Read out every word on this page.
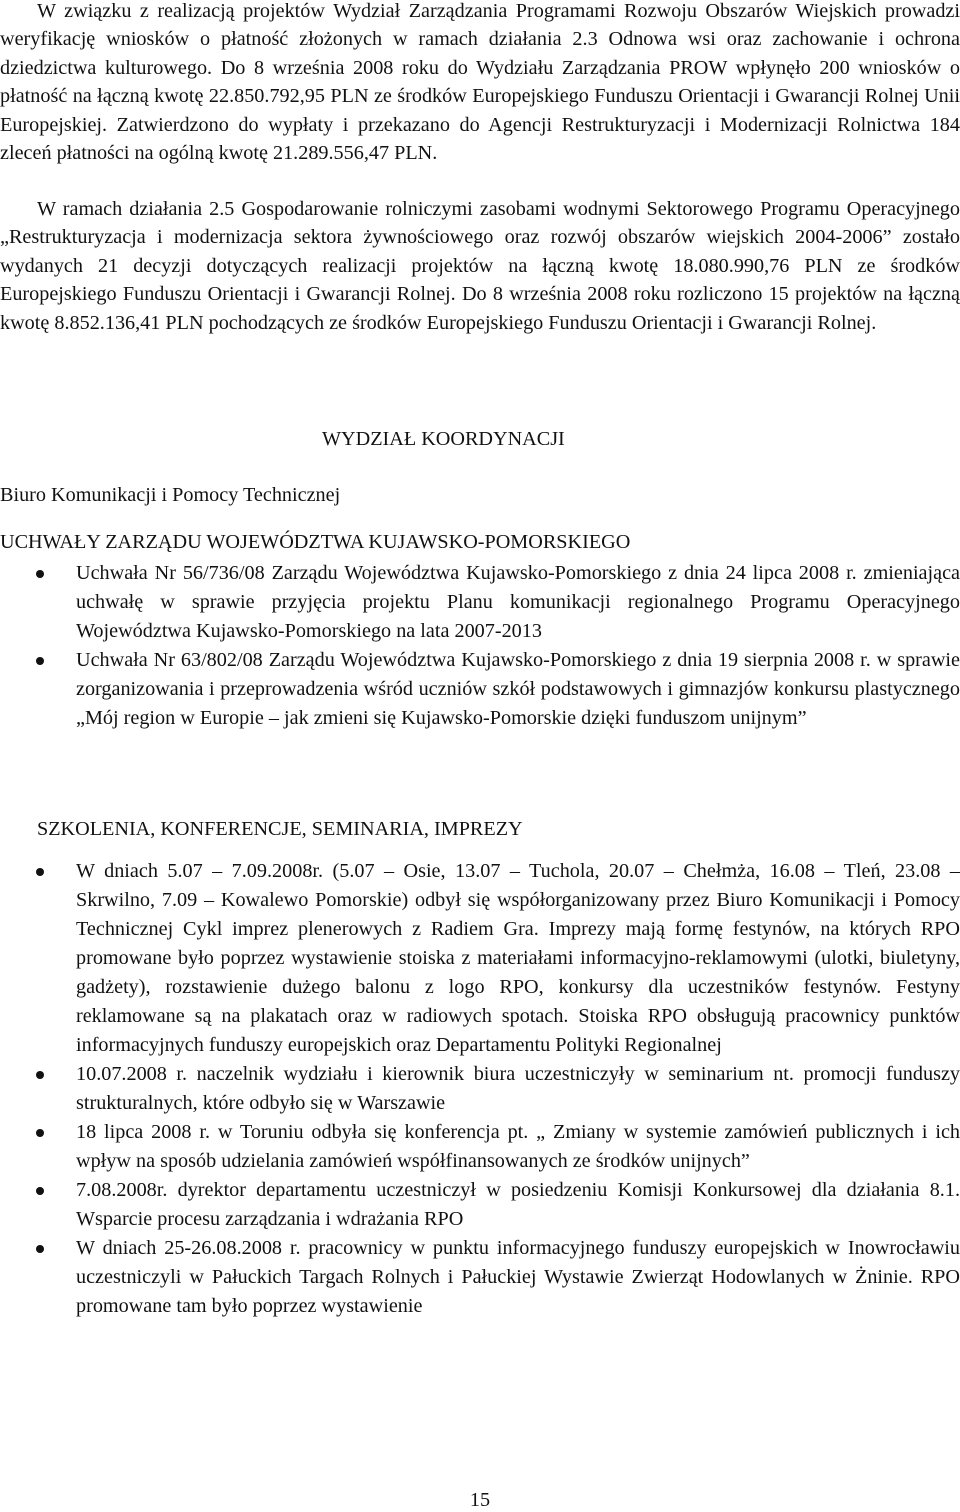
W związku z realizacją projektów Wydział Zarządzania Programami Rozwoju Obszarów Wiejskich prowadzi weryfikację wniosków o płatność złożonych w ramach działania 2.3 Odnowa wsi oraz zachowanie i ochrona dziedzictwa kulturowego. Do 8 września 2008 roku do Wydziału Zarządzania PROW wpłynęło 200 wniosków o płatność na łączną kwotę 22.850.792,95 PLN ze środków Europejskiego Funduszu Orientacji i Gwarancji Rolnej Unii Europejskiej. Zatwierdzono do wypłaty i przekazano do Agencji Restrukturyzacji i Modernizacji Rolnictwa 184 zleceń płatności na ogólną kwotę 21.289.556,47 PLN.

W ramach działania 2.5 Gospodarowanie rolniczymi zasobami wodnymi Sektorowego Programu Operacyjnego „Restrukturyzacja i modernizacja sektora żywnościowego oraz rozwój obszarów wiejskich 2004-2006” zostało wydanych 21 decyzji dotyczących realizacji projektów na łączną kwotę 18.080.990,76 PLN ze środków Europejskiego Funduszu Orientacji i Gwarancji Rolnej. Do 8 września 2008 roku rozliczono 15 projektów na łączną kwotę 8.852.136,41 PLN pochodzących ze środków Europejskiego Funduszu Orientacji i Gwarancji Rolnej.

WYDZIAŁ KOORDYNACJI
Biuro Komunikacji i Pomocy Technicznej
UCHWAŁY ZARZĄDU WOJEWÓDZTWA KUJAWSKO-POMORSKIEGO
Uchwała Nr 56/736/08 Zarządu Województwa Kujawsko-Pomorskiego z dnia 24 lipca 2008 r. zmieniająca uchwałę w sprawie przyjęcia projektu Planu komunikacji regionalnego Programu Operacyjnego Województwa Kujawsko-Pomorskiego na lata 2007-2013
Uchwała Nr 63/802/08 Zarządu Województwa Kujawsko-Pomorskiego z dnia 19 sierpnia 2008 r. w sprawie zorganizowania i przeprowadzenia wśród uczniów szkół podstawowych i gimnazjów konkursu plastycznego „Mój region w Europie – jak zmieni się Kujawsko-Pomorskie dzięki funduszom unijnym”
SZKOLENIA, KONFERENCJE, SEMINARIA, IMPREZY
W dniach 5.07 – 7.09.2008r. (5.07 – Osie, 13.07 – Tuchola, 20.07 – Chełmża, 16.08 – Tleń, 23.08 – Skrwilno, 7.09 – Kowalewo Pomorskie) odbył się współorganizowany przez Biuro Komunikacji i Pomocy Technicznej Cykl imprez plenerowych z Radiem Gra. Imprezy mają formę festynów, na których RPO promowane było poprzez wystawienie stoiska z materiałami informacyjno-reklamowymi (ulotki, biuletyny, gadżety), rozstawienie dużego balonu z logo RPO, konkursy dla uczestników festynów. Festyny reklamowane są na plakatach oraz w radiowych spotach. Stoiska RPO obsługują pracownicy punktów informacyjnych funduszy europejskich oraz Departamentu Polityki Regionalnej
10.07.2008 r. naczelnik wydziału i kierownik biura uczestniczyły w seminarium nt. promocji funduszy strukturalnych, które odbyło się w Warszawie
18 lipca 2008 r. w Toruniu odbyła się konferencja pt. „ Zmiany w systemie zamówień publicznych i ich wpływ na sposób udzielania zamówień współfinansowanych ze środków unijnych”
7.08.2008r. dyrektor departamentu uczestniczył w posiedzeniu Komisji Konkursowej dla działania 8.1. Wsparcie procesu zarządzania i wdrażania RPO
W dniach 25-26.08.2008 r. pracownicy w punktu informacyjnego funduszy europejskich w Inowrocławiu uczestniczyli w Pałuckich Targach Rolnych i Pałuckiej Wystawie Zwierząt Hodowlanych w Żninie. RPO promowane tam było poprzez wystawienie
15
